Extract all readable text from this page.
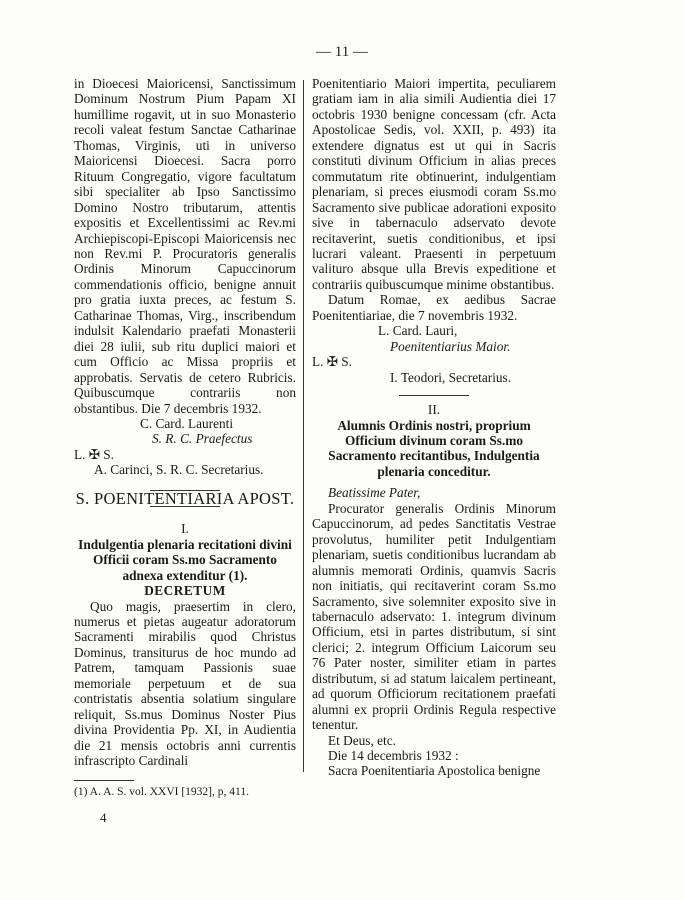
— 11 —

in Dioecesi Maioricensi, Sanctissimum Dominum Nostrum Pium Papam XI humillime rogavit, ut in suo Monasterio recoli valeat festum Sanctae Catharinae Thomas, Virginis, uti in universo Maioricensi Dioecesi. Sacra porro Rituum Congregatio, vigore facultatum sibi specialiter ab Ipso Sanctissimo Domino Nostro tributarum, attentis expositis et Excellentissimi ac Rev.mi Archiepiscopi-Episcopi Maioricensis nec non Rev.mi P. Procuratoris generalis Ordinis Minorum Capuccinorum commendationis officio, benigne annuit pro gratia iuxta preces, ac festum S. Catharinae Thomas, Virg., inscribendum indulsit Kalendario praefati Monasterii diei 28 iulii, sub ritu duplici maiori et cum Officio ac Missa propriis et approbatis. Servatis de cetero Rubricis. Quibuscumque contrariis non obstantibus. Die 7 decembris 1932.

C. Card. Laurenti

S. R. C. Praefectus

L. ✠ S.

A. Carinci, S. R. C. Secretarius.

S. POENITENTIARIA APOST.

I.

Indulgentia plenaria recitationi divini Officii coram Ss.mo Sacramento adnexa extenditur (1).

DECRETUM

Quo magis, praesertim in clero, numerus et pietas augeatur adoratorum Sacramenti mirabilis quod Christus Dominus, transiturus de hoc mundo ad Patrem, tamquam Passionis suae memoriale perpetuum et de sua contristatis absentia solatium singulare reliquit, Ss.mus Dominus Noster Pius divina Providentia Pp. XI, in Audientia die 21 mensis octobris anni currentis infrascripto Cardinali

Poenitentiario Maiori impertita, peculiarem gratiam iam in alia simili Audientia diei 17 octobris 1930 benigne concessam (cfr. Acta Apostolicae Sedis, vol. XXII, p. 493) ita extendere dignatus est ut qui in Sacris constituti divinum Officium in alias preces commutatum rite obtinuerint, indulgentiam plenariam, si preces eiusmodi coram Ss.mo Sacramento sive publicae adorationi exposito sive in tabernaculo adservato devote recitaverint, suetis conditionibus, et ipsi lucrari valeant. Praesenti in perpetuum valituro absque ulla Brevis expeditione et contrariis quibuscumque minime obstantibus.

Datum Romae, ex aedibus Sacrae Poenitentiariae, die 7 novembris 1932.

L. Card. Lauri,

Poenitentiarius Maior.

L. ✠ S.

I. Teodori, Secretarius.

II.

Alumnis Ordinis nostri, proprium Officium divinum coram Ss.mo Sacramento recitantibus, Indulgentia plenaria conceditur.

Beatissime Pater,

Procurator generalis Ordinis Minorum Capuccinorum, ad pedes Sanctitatis Vestrae provolutus, humiliter petit Indulgentiam plenariam, suetis conditionibus lucrandam ab alumnis memorati Ordinis, quamvis Sacris non initiatis, qui recitaverint coram Ss.mo Sacramento, sive solemniter exposito sive in tabernaculo adservato: 1. integrum divinum Officium, etsi in partes distributum, si sint clerici; 2. integrum Officium Laicorum seu 76 Pater noster, similiter etiam in partes distributum, si ad statum laicalem pertineant, ad quorum Officiorum recitationem praefati alumni ex proprii Ordinis Regula respective tenentur.

Et Deus, etc.

Die 14 decembris 1932 :

Sacra Poenitentiaria Apostolica benigne

(1) A. A. S. vol. XXVI [1932], p, 411.
4
